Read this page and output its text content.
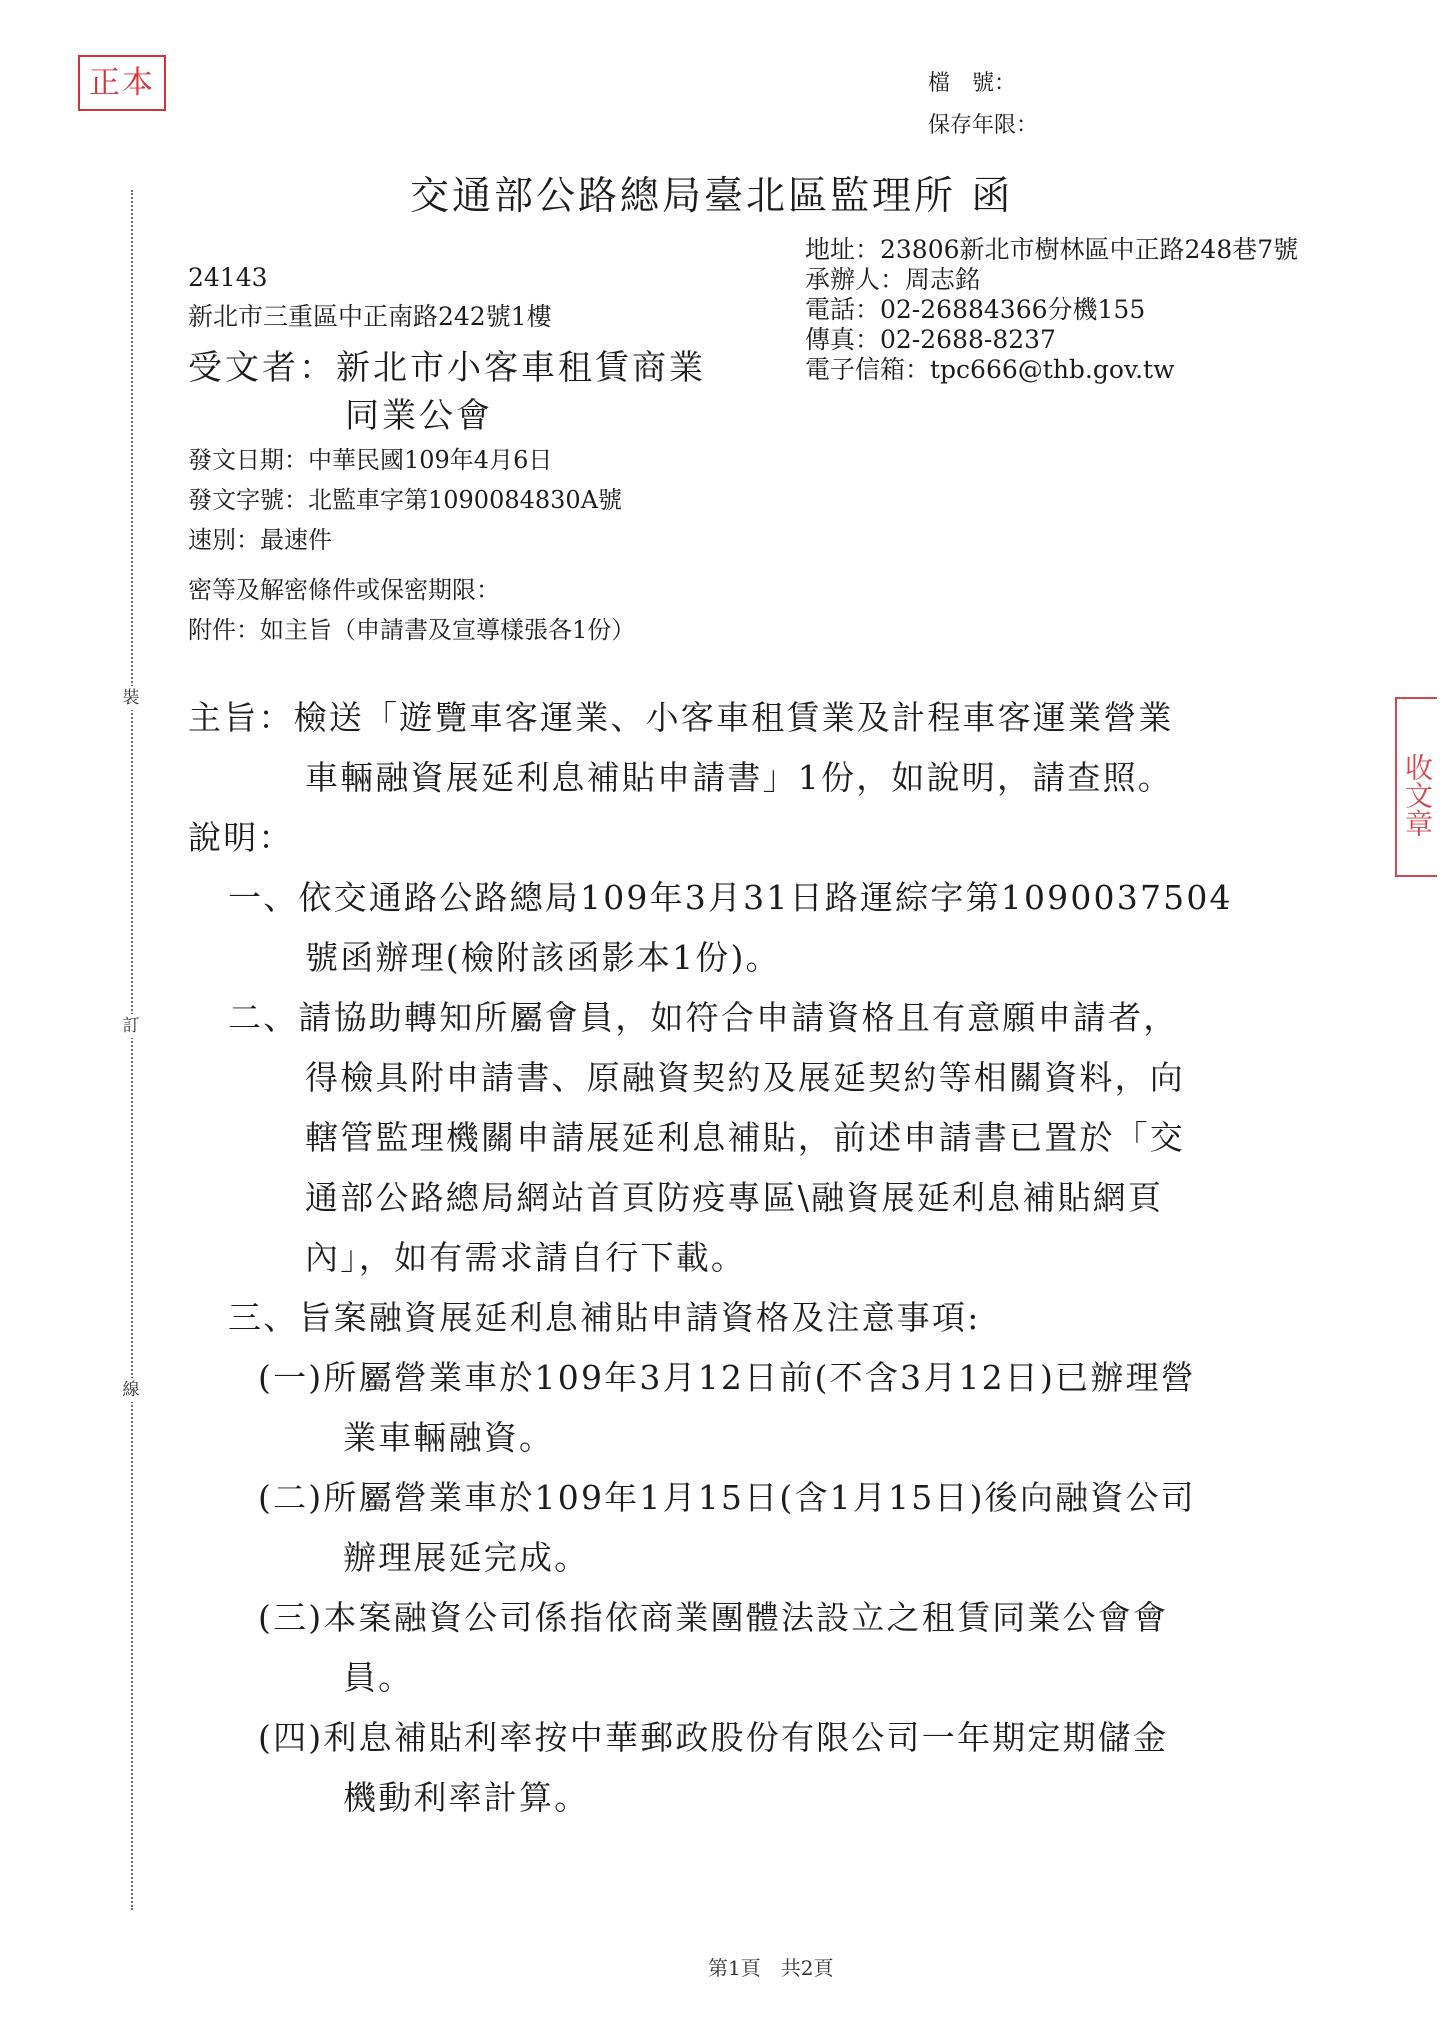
正本
收文章
裝
訂
線
檔　號：
保存年限：
交通部公路總局臺北區監理所 函
地址：23806新北市樹林區中正路248巷7號
承辦人：周志銘
電話：02-26884366分機155
傳真：02-2688-8237
電子信箱：tpc666@thb.gov.tw
24143
新北市三重區中正南路242號1樓
受文者：新北市小客車租賃商業
同業公會
發文日期：中華民國109年4月6日
發文字號：北監車字第1090084830A號
速別：最速件
密等及解密條件或保密期限：
附件：如主旨（申請書及宣導樣張各1份）
主旨：檢送「遊覽車客運業、小客車租賃業及計程車客運業營業
車輛融資展延利息補貼申請書」1份，如說明，請查照。
說明：
一、依交通路公路總局109年3月31日路運綜字第1090037504
號函辦理(檢附該函影本1份)。
二、請協助轉知所屬會員，如符合申請資格且有意願申請者，
得檢具附申請書、原融資契約及展延契約等相關資料，向
轄管監理機關申請展延利息補貼，前述申請書已置於「交
通部公路總局網站首頁防疫專區\融資展延利息補貼網頁
內」，如有需求請自行下載。
三、旨案融資展延利息補貼申請資格及注意事項:
(一)所屬營業車於109年3月12日前(不含3月12日)已辦理營
業車輛融資。
(二)所屬營業車於109年1月15日(含1月15日)後向融資公司
辦理展延完成。
(三)本案融資公司係指依商業團體法設立之租賃同業公會會
員。
(四)利息補貼利率按中華郵政股份有限公司一年期定期儲金
機動利率計算。
第1頁　共2頁
